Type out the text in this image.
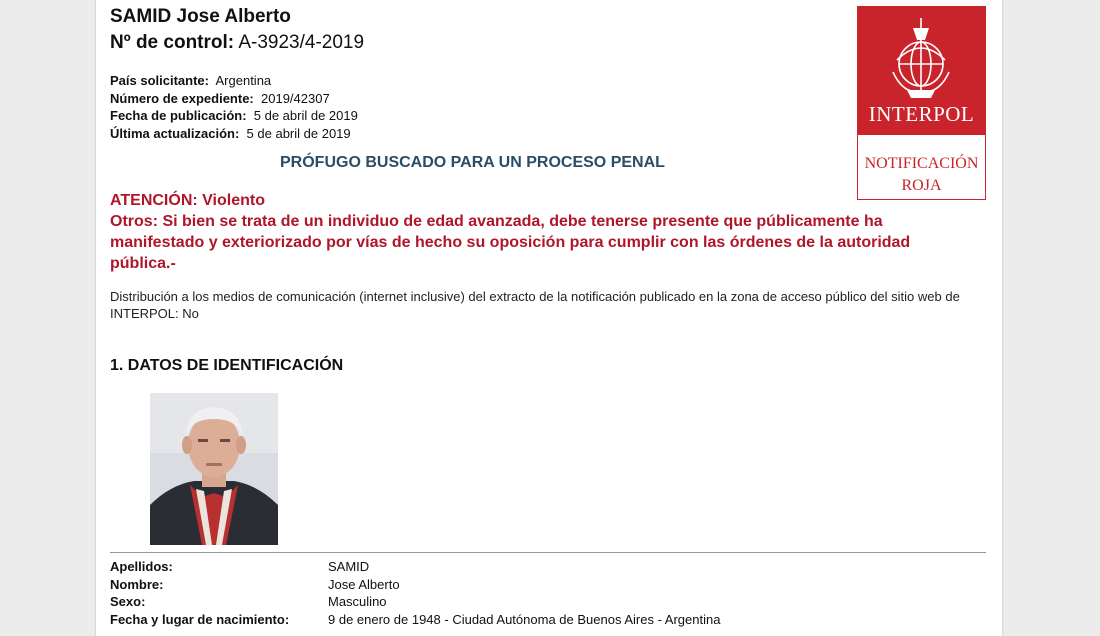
SAMID Jose Alberto
Nº de control: A-3923/4-2019
País solicitante: Argentina
Número de expediente: 2019/42307
Fecha de publicación: 5 de abril de 2019
Última actualización: 5 de abril de 2019
PRÓFUGO BUSCADO PARA UN PROCESO PENAL
ATENCIÓN: Violento
Otros: Si bien se trata de un individuo de edad avanzada, debe tenerse presente que públicamente ha manifestado y exteriorizado por vías de hecho su oposición para cumplir con las órdenes de la autoridad pública.-
Distribución a los medios de comunicación (internet inclusive) del extracto de la notificación publicado en la zona de acceso público del sitio web de INTERPOL: No
1. DATOS DE IDENTIFICACIÓN
Apellidos:	SAMID
Nombre:	Jose Alberto
Sexo:	Masculino
Fecha y lugar de nacimiento:	9 de enero de 1948 - Ciudad Autónoma de Buenos Aires - Argentina
INTERPOL
NOTIFICACIÓN
ROJA
